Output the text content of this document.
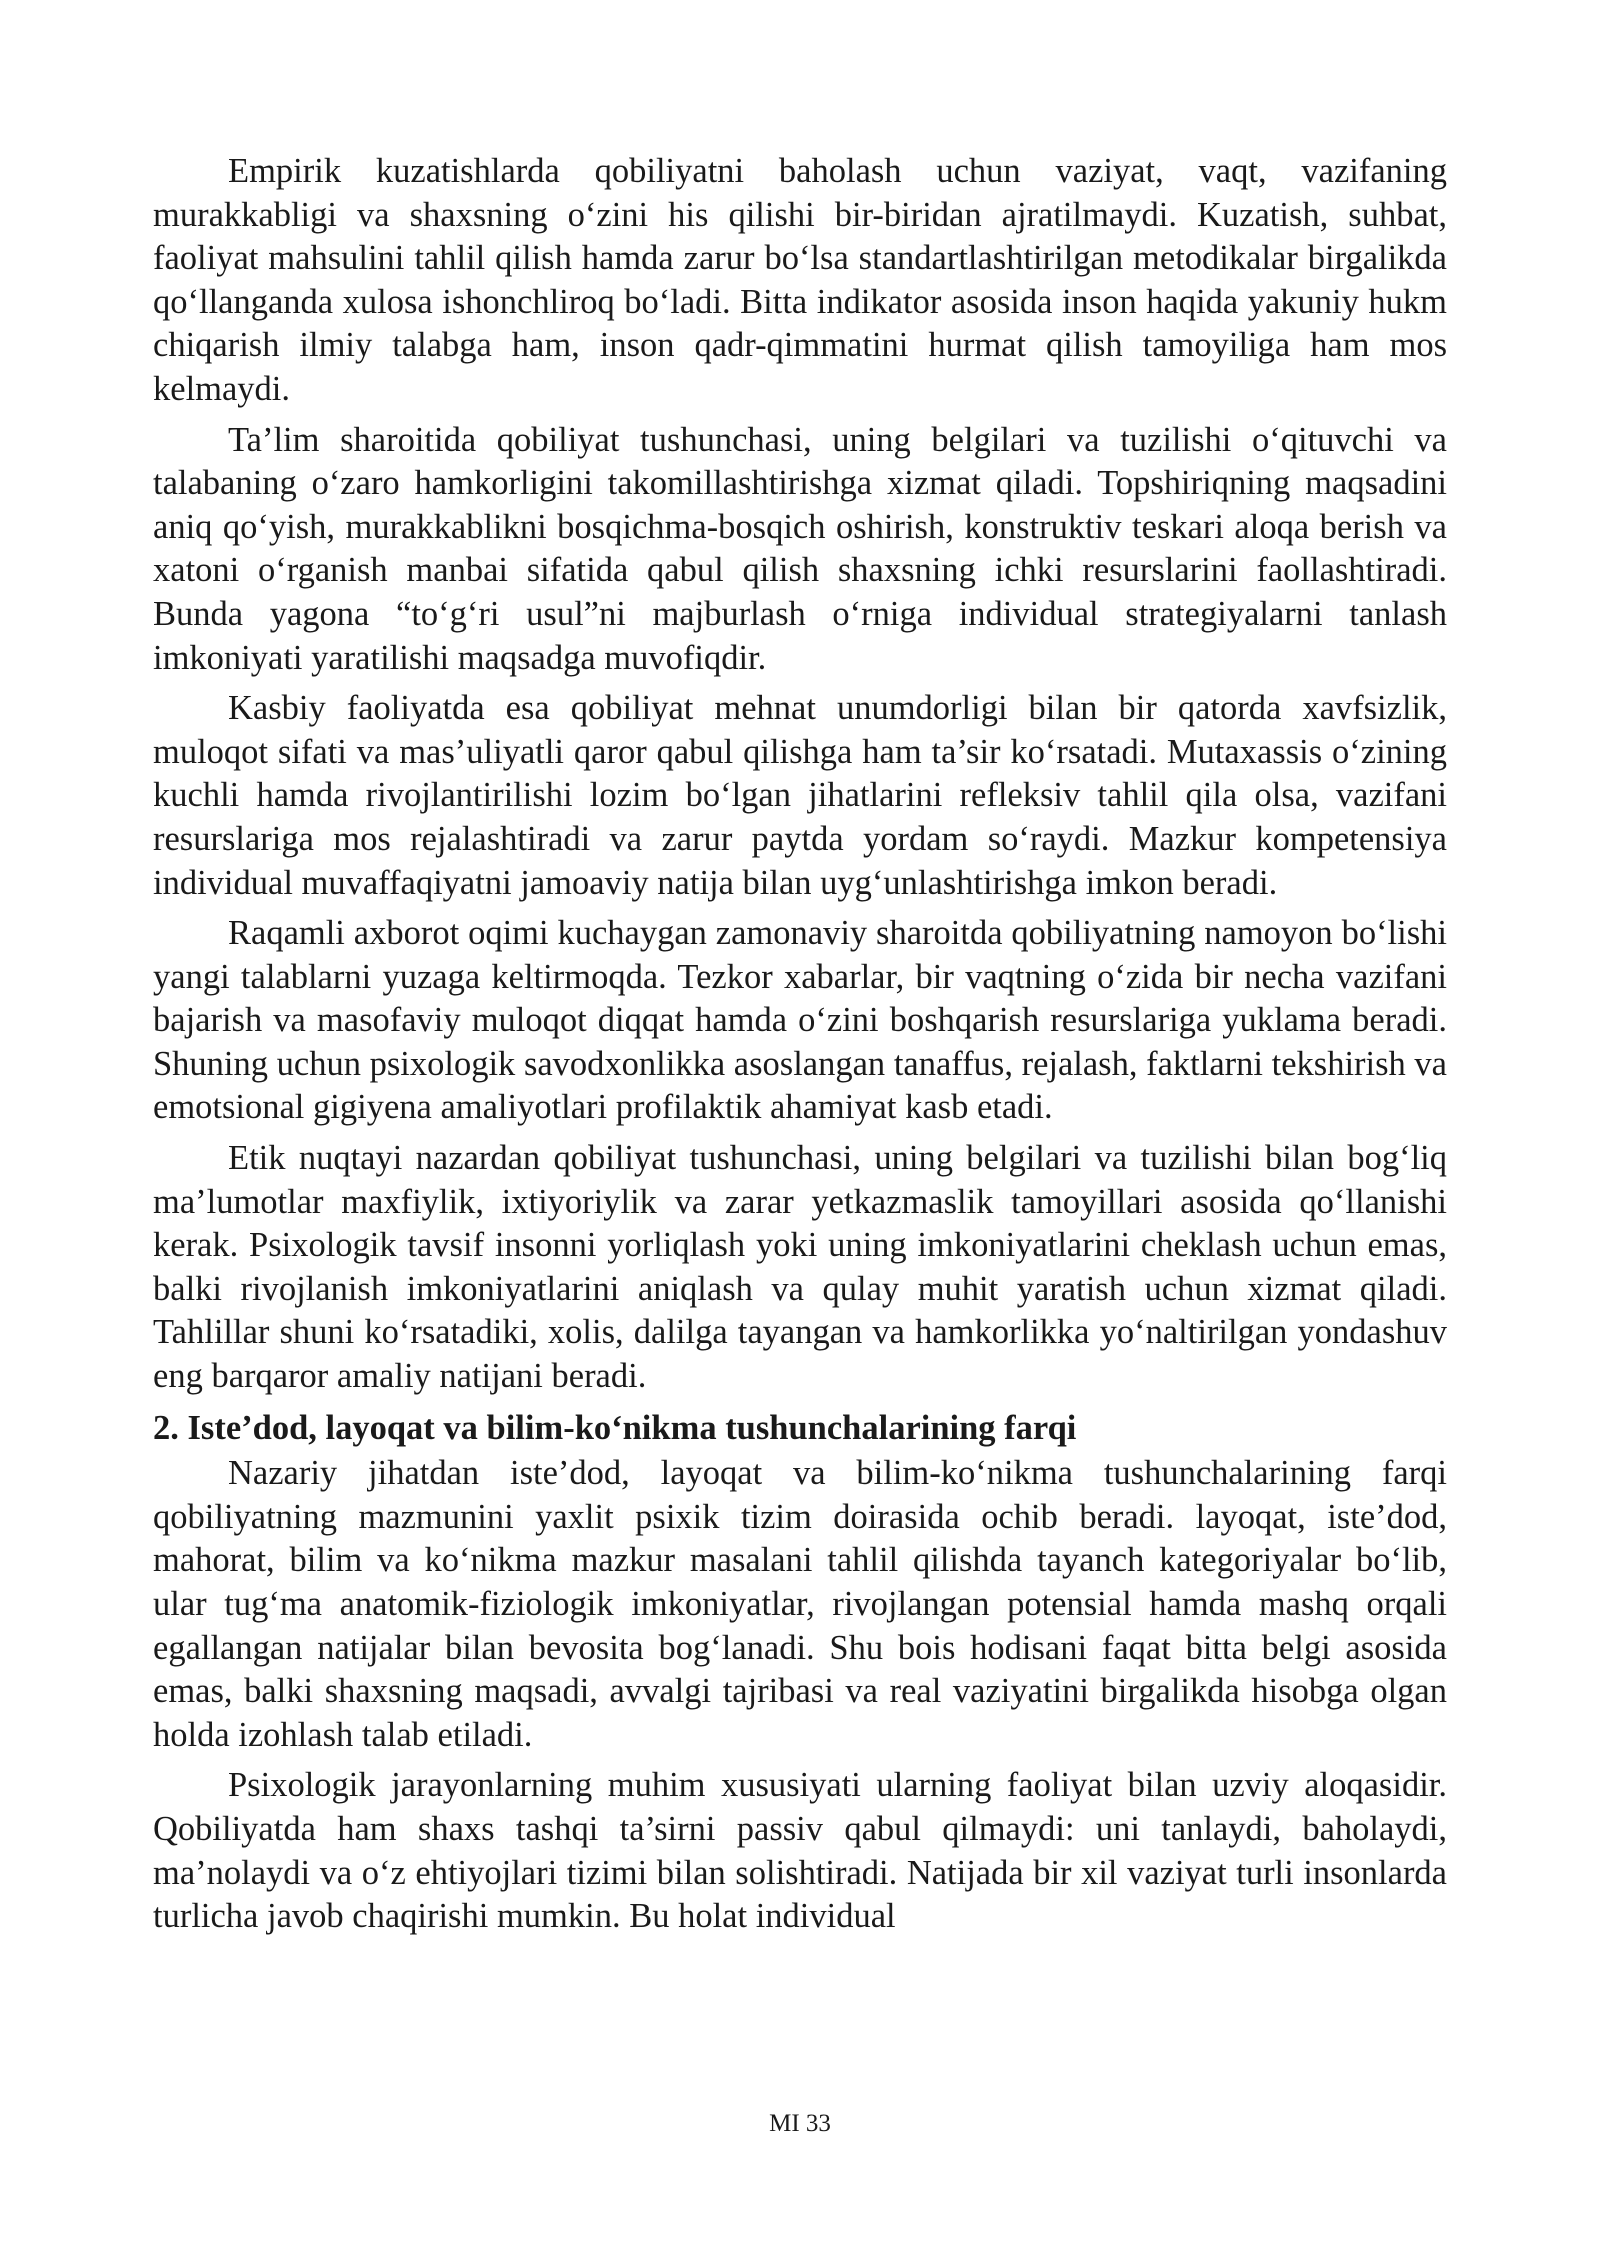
Empirik kuzatishlarda qobiliyatni baholash uchun vaziyat, vaqt, vazifaning murakkabligi va shaxsning o‘zini his qilishi bir-biridan ajratilmaydi. Kuzatish, suhbat, faoliyat mahsulini tahlil qilish hamda zarur bo‘lsa standartlashtirilgan metodikalar birgalikda qo‘llanganda xulosa ishonchliroq bo‘ladi. Bitta indikator asosida inson haqida yakuniy hukm chiqarish ilmiy talabga ham, inson qadr-qimmatini hurmat qilish tamoyiliga ham mos kelmaydi.

Ta’lim sharoitida qobiliyat tushunchasi, uning belgilari va tuzilishi o‘qituvchi va talabaning o‘zaro hamkorligini takomillashtirishga xizmat qiladi. Topshiriqning maqsadini aniq qo‘yish, murakkablikni bosqichma-bosqich oshirish, konstruktiv teskari aloqa berish va xatoni o‘rganish manbai sifatida qabul qilish shaxsning ichki resurslarini faollashtiradi. Bunda yagona “to‘g‘ri usul”ni majburlash o‘rniga individual strategiyalarni tanlash imkoniyati yaratilishi maqsadga muvofiqdir.

Kasbiy faoliyatda esa qobiliyat mehnat unumdorligi bilan bir qatorda xavfsizlik, muloqot sifati va mas’uliyatli qaror qabul qilishga ham ta’sir ko‘rsatadi. Mutaxassis o‘zining kuchli hamda rivojlantirilishi lozim bo‘lgan jihatlarini refleksiv tahlil qila olsa, vazifani resurslariga mos rejalashtiradi va zarur paytda yordam so‘raydi. Mazkur kompetensiya individual muvaffaqiyatni jamoaviy natija bilan uyg‘unlashtirishga imkon beradi.

Raqamli axborot oqimi kuchaygan zamonaviy sharoitda qobiliyatning namoyon bo‘lishi yangi talablarni yuzaga keltirmoqda. Tezkor xabarlar, bir vaqtning o‘zida bir necha vazifani bajarish va masofaviy muloqot diqqat hamda o‘zini boshqarish resurslariga yuklama beradi. Shuning uchun psixologik savodxonlikka asoslangan tanaffus, rejalash, faktlarni tekshirish va emotsional gigiyena amaliyotlari profilaktik ahamiyat kasb etadi.

Etik nuqtayi nazardan qobiliyat tushunchasi, uning belgilari va tuzilishi bilan bog‘liq ma’lumotlar maxfiylik, ixtiyoriylik va zarar yetkazmaslik tamoyillari asosida qo‘llanishi kerak. Psixologik tavsif insonni yorliqlash yoki uning imkoniyatlarini cheklash uchun emas, balki rivojlanish imkoniyatlarini aniqlash va qulay muhit yaratish uchun xizmat qiladi. Tahlillar shuni ko‘rsatadiki, xolis, dalilga tayangan va hamkorlikka yo‘naltirilgan yondashuv eng barqaror amaliy natijani beradi.

2. Iste’dod, layoqat va bilim-ko‘nikma tushunchalarining farqi

Nazariy jihatdan iste’dod, layoqat va bilim-ko‘nikma tushunchalarining farqi qobiliyatning mazmunini yaxlit psixik tizim doirasida ochib beradi. layoqat, iste’dod, mahorat, bilim va ko‘nikma mazkur masalani tahlil qilishda tayanch kategoriyalar bo‘lib, ular tug‘ma anatomik-fiziologik imkoniyatlar, rivojlangan potensial hamda mashq orqali egallangan natijalar bilan bevosita bog‘lanadi. Shu bois hodisani faqat bitta belgi asosida emas, balki shaxsning maqsadi, avvalgi tajribasi va real vaziyatini birgalikda hisobga olgan holda izohlash talab etiladi.

Psixologik jarayonlarning muhim xususiyati ularning faoliyat bilan uzviy aloqasidir. Qobiliyatda ham shaxs tashqi ta’sirni passiv qabul qilmaydi: uni tanlaydi, baholaydi, ma’nolaydi va o‘z ehtiyojlari tizimi bilan solishtiradi. Natijada bir xil vaziyat turli insonlarda turlicha javob chaqirishi mumkin. Bu holat individual

MI 33
